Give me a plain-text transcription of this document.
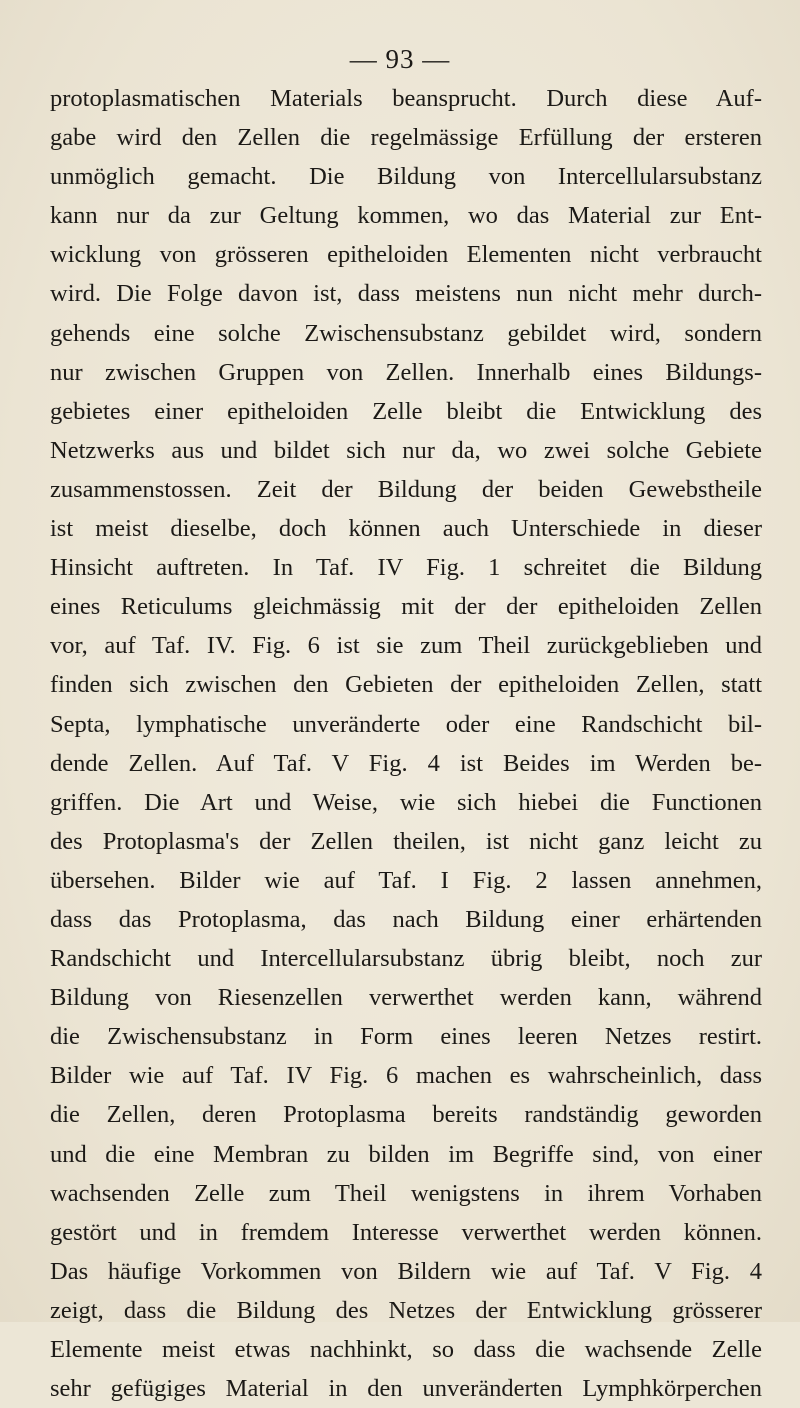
— 93 —
protoplasmatischen Materials beansprucht. Durch diese Auf-
gabe wird den Zellen die regelmässige Erfüllung der ersteren
unmöglich gemacht. Die Bildung von Intercellularsubstanz
kann nur da zur Geltung kommen, wo das Material zur Ent-
wicklung von grösseren epitheloiden Elementen nicht verbraucht
wird. Die Folge davon ist, dass meistens nun nicht mehr durch-
gehends eine solche Zwischensubstanz gebildet wird, sondern
nur zwischen Gruppen von Zellen. Innerhalb eines Bildungs-
gebietes einer epitheloiden Zelle bleibt die Entwicklung des
Netzwerks aus und bildet sich nur da, wo zwei solche Gebiete
zusammenstossen. Zeit der Bildung der beiden Gewebstheile
ist meist dieselbe, doch können auch Unterschiede in dieser
Hinsicht auftreten. In Taf. IV Fig. 1 schreitet die Bildung
eines Reticulums gleichmässig mit der der epitheloiden Zellen
vor, auf Taf. IV. Fig. 6 ist sie zum Theil zurückgeblieben und
finden sich zwischen den Gebieten der epitheloiden Zellen, statt
Septa, lymphatische unveränderte oder eine Randschicht bil-
dende Zellen. Auf Taf. V Fig. 4 ist Beides im Werden be-
griffen. Die Art und Weise, wie sich hiebei die Functionen
des Protoplasma's der Zellen theilen, ist nicht ganz leicht zu
übersehen. Bilder wie auf Taf. I Fig. 2 lassen annehmen,
dass das Protoplasma, das nach Bildung einer erhärtenden
Randschicht und Intercellularsubstanz übrig bleibt, noch zur
Bildung von Riesenzellen verwerthet werden kann, während
die Zwischensubstanz in Form eines leeren Netzes restirt.
Bilder wie auf Taf. IV Fig. 6 machen es wahrscheinlich, dass
die Zellen, deren Protoplasma bereits randständig geworden
und die eine Membran zu bilden im Begriffe sind, von einer
wachsenden Zelle zum Theil wenigstens in ihrem Vorhaben
gestört und in fremdem Interesse verwerthet werden können.
Das häufige Vorkommen von Bildern wie auf Taf. V Fig. 4
zeigt, dass die Bildung des Netzes der Entwicklung grösserer
Elemente meist etwas nachhinkt, so dass die wachsende Zelle
sehr gefügiges Material in den unveränderten Lymphkörperchen
